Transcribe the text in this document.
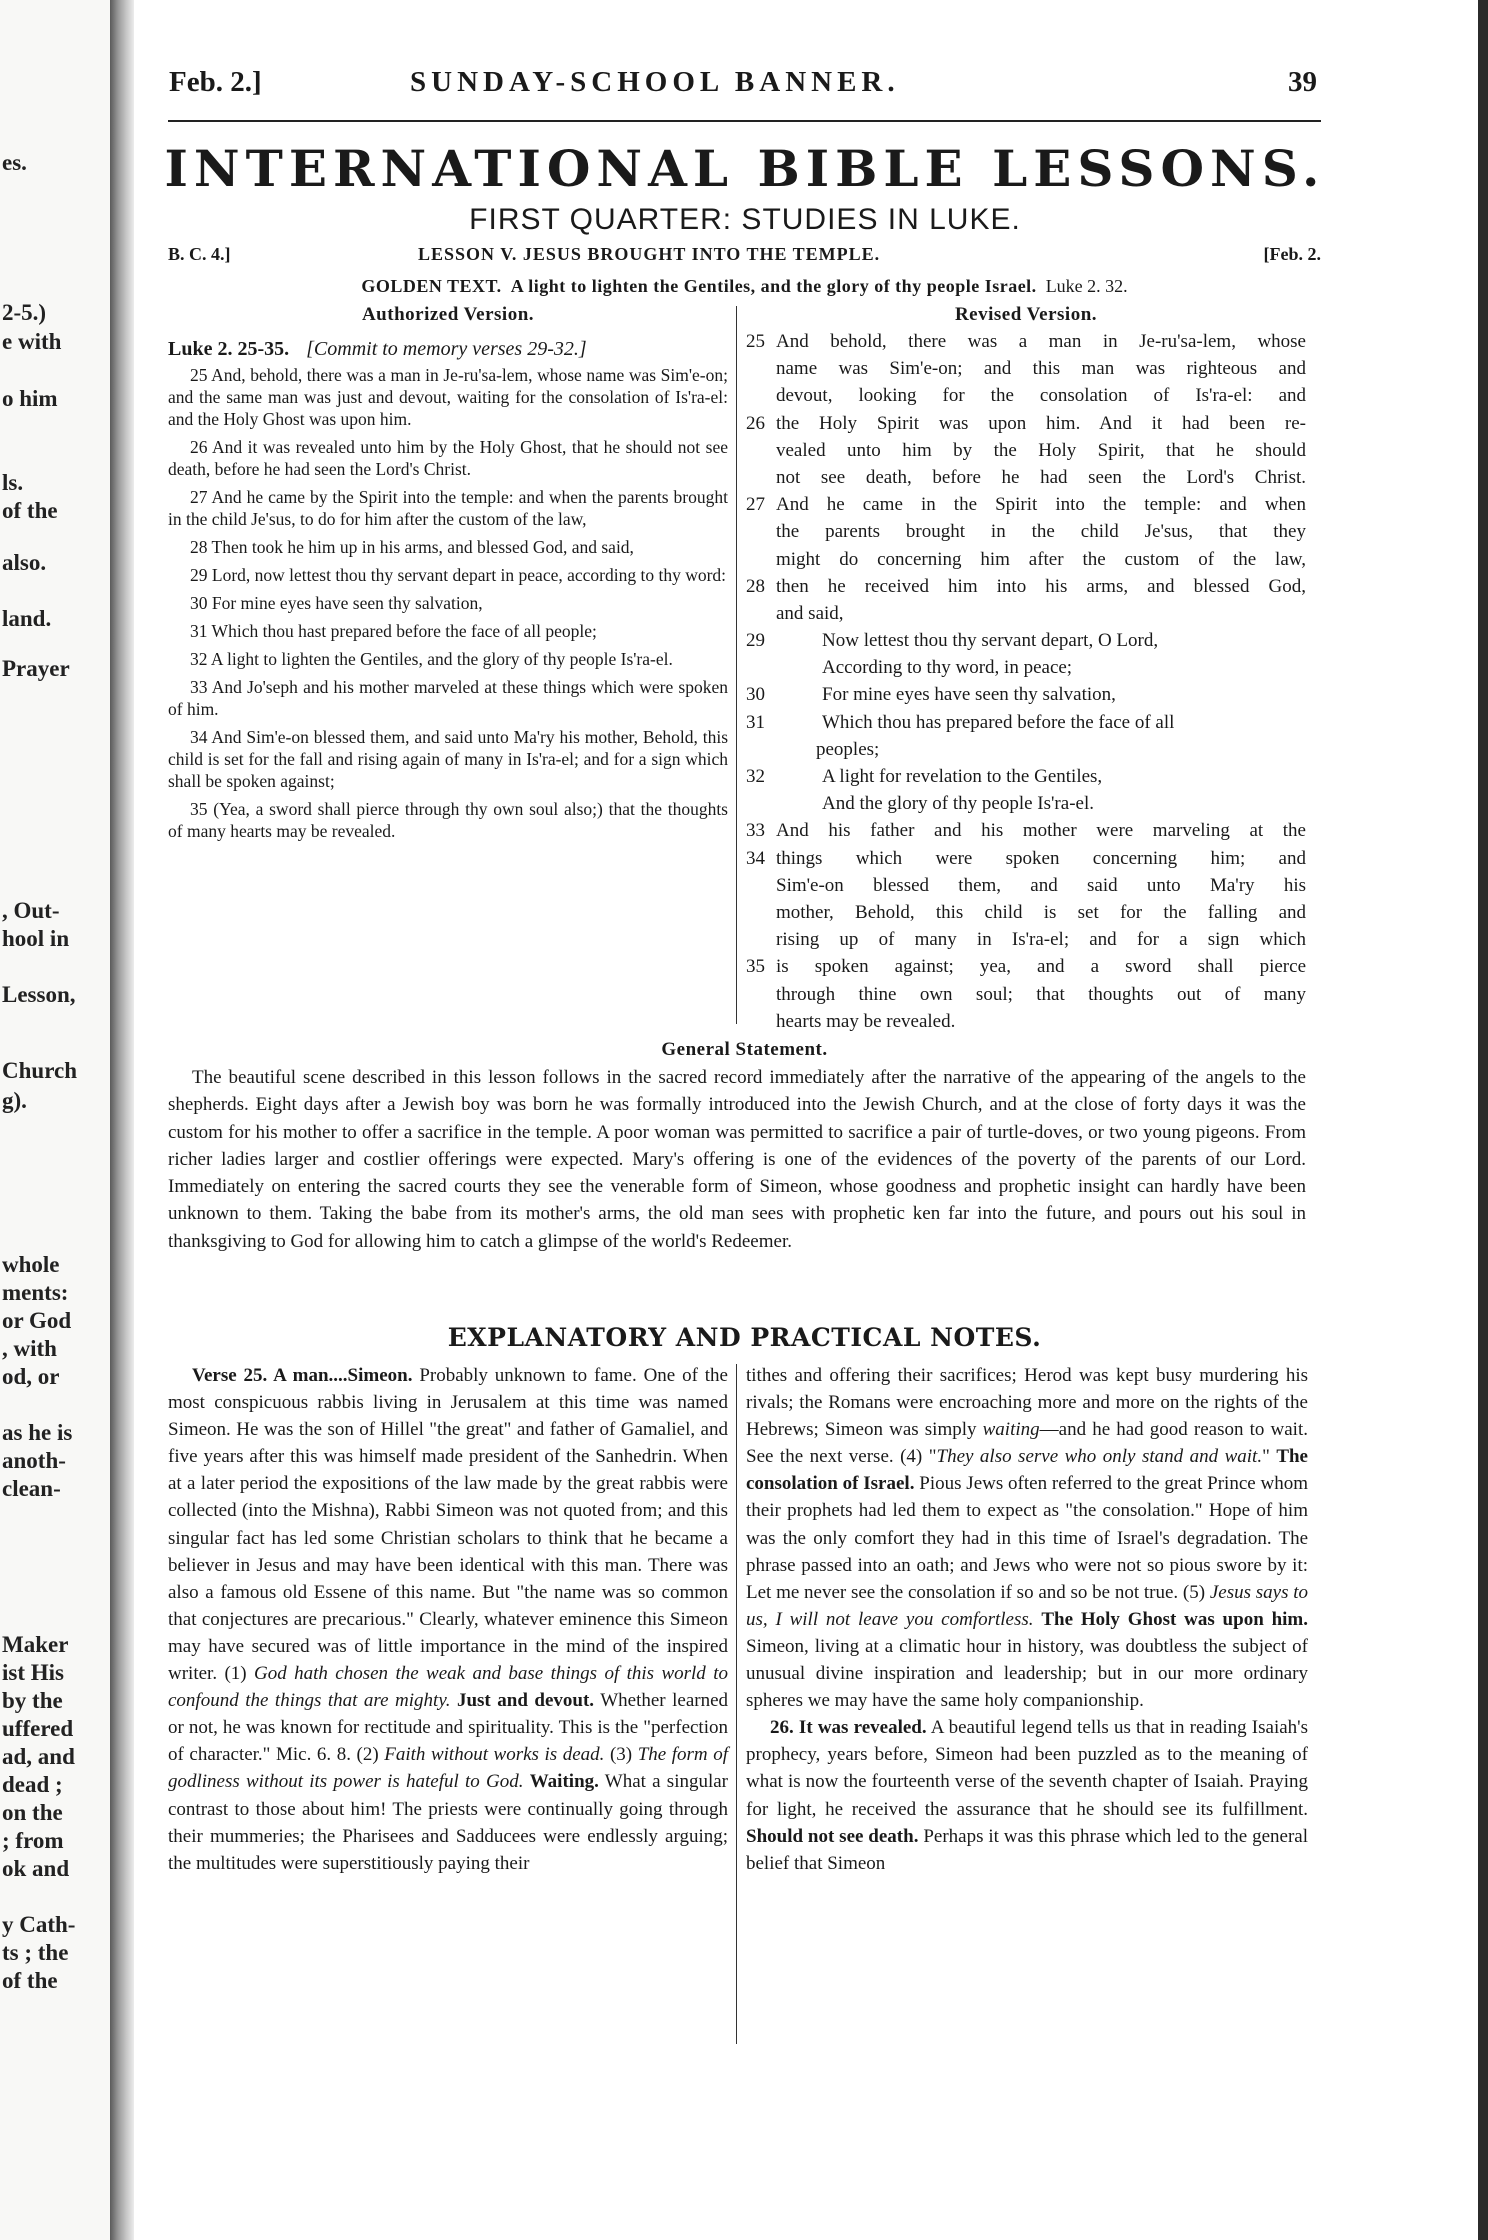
es.
2-5.)
e with
o him
ls.
of the
also.
land.
Prayer
, Out-
hool in
Lesson,
Church
g).
whole
ments:
or God
, with
od, or
as he is
anoth-
clean-
Maker
ist His
by the
uffered
ad, and
dead ;
on the
; from
ok and
y Cath-
ts ; the
of the
Feb. 2.]	SUNDAY-SCHOOL BANNER.	39
INTERNATIONAL BIBLE LESSONS.
FIRST QUARTER: STUDIES IN LUKE.
B. C. 4.]	LESSON V. JESUS BROUGHT INTO THE TEMPLE.	[Feb. 2.
GOLDEN TEXT. A light to lighten the Gentiles, and the glory of thy people Israel. Luke 2. 32.
Authorized Version.
Luke 2. 25-35. [Commit to memory verses 29-32.]

25 And, behold, there was a man in Je-ru'sa-lem, whose name was Sim'e-on; and the same man was just and devout, waiting for the consolation of Is'ra-el: and the Holy Ghost was upon him.

26 And it was revealed unto him by the Holy Ghost, that he should not see death, before he had seen the Lord's Christ.

27 And he came by the Spirit into the temple: and when the parents brought in the child Je'sus, to do for him after the custom of the law,

28 Then took he him up in his arms, and blessed God, and said,

29 Lord, now lettest thou thy servant depart in peace, according to thy word:

30 For mine eyes have seen thy salvation,

31 Which thou hast prepared before the face of all people;

32 A light to lighten the Gentiles, and the glory of thy people Is'ra-el.

33 And Jo'seph and his mother marveled at these things which were spoken of him.

34 And Sim'e-on blessed them, and said unto Ma'ry his mother, Behold, this child is set for the fall and rising again of many in Is'ra-el; and for a sign which shall be spoken against;

35 (Yea, a sword shall pierce through thy own soul also;) that the thoughts of many hearts may be revealed.

Revised Version.
25 And behold, there was a man in Je-ru'sa-lem, whose
name was Sim'e-on; and this man was righteous and
devout, looking for the consolation of Is'ra-el: and
26 the Holy Spirit was upon him. And it had been re-
vealed unto him by the Holy Spirit, that he should
not see death, before he had seen the Lord's Christ.
27 And he came in the Spirit into the temple: and when
the parents brought in the child Je'sus, that they
might do concerning him after the custom of the law,
28 then he received him into his arms, and blessed God,
and said,
29	Now lettest thou thy servant depart, O Lord,
According to thy word, in peace;
30	For mine eyes have seen thy salvation,
31	Which thou has prepared before the face of all
peoples;
32	A light for revelation to the Gentiles,
And the glory of thy people Is'ra-el.
33 And his father and his mother were marveling at the
34 things which were spoken concerning him; and
Sim'e-on blessed them, and said unto Ma'ry his
mother, Behold, this child is set for the falling and
rising up of many in Is'ra-el; and for a sign which
35 is spoken against; yea, and a sword shall pierce
through thine own soul; that thoughts out of many
hearts may be revealed.
General Statement.
The beautiful scene described in this lesson follows in the sacred record immediately after the narrative of the appearing of the angels to the shepherds. Eight days after a Jewish boy was born he was formally introduced into the Jewish Church, and at the close of forty days it was the custom for his mother to offer a sacrifice in the temple. A poor woman was permitted to sacrifice a pair of turtle-doves, or two young pigeons. From richer ladies larger and costlier offerings were expected. Mary's offering is one of the evidences of the poverty of the parents of our Lord. Immediately on entering the sacred courts they see the venerable form of Simeon, whose goodness and prophetic insight can hardly have been unknown to them. Taking the babe from its mother's arms, the old man sees with prophetic ken far into the future, and pours out his soul in thanksgiving to God for allowing him to catch a glimpse of the world's Redeemer.
EXPLANATORY AND PRACTICAL NOTES.

Verse 25. A man....Simeon. Probably unknown to fame. One of the most conspicuous rabbis living in Jerusalem at this time was named Simeon. He was the son of Hillel "the great" and father of Gamaliel, and five years after this was himself made president of the Sanhedrin. When at a later period the expositions of the law made by the great rabbis were collected (into the Mishna), Rabbi Simeon was not quoted from; and this singular fact has led some Christian scholars to think that he became a believer in Jesus and may have been identical with this man. There was also a famous old Essene of this name. But "the name was so common that conjectures are precarious." Clearly, whatever eminence this Simeon may have secured was of little importance in the mind of the inspired writer. (1) God hath chosen the weak and base things of this world to confound the things that are mighty. Just and devout. Whether learned or not, he was known for rectitude and spirituality. This is the "perfection of character." Mic. 6. 8. (2) Faith without works is dead. (3) The form of godliness without its power is hateful to God. Waiting. What a singular contrast to those about him! The priests were continually going through their mummeries; the Pharisees and Sadducees were endlessly arguing; the multitudes were superstitiously paying their

tithes and offering their sacrifices; Herod was kept busy murdering his rivals; the Romans were encroaching more and more on the rights of the Hebrews; Simeon was simply waiting—and he had good reason to wait. See the next verse. (4) "They also serve who only stand and wait." The consolation of Israel. Pious Jews often referred to the great Prince whom their prophets had led them to expect as "the consolation." Hope of him was the only comfort they had in this time of Israel's degradation. The phrase passed into an oath; and Jews who were not so pious swore by it: Let me never see the consolation if so and so be not true. (5) Jesus says to us, I will not leave you comfortless. The Holy Ghost was upon him. Simeon, living at a climatic hour in history, was doubtless the subject of unusual divine inspiration and leadership; but in our more ordinary spheres we may have the same holy companionship.

26. It was revealed. A beautiful legend tells us that in reading Isaiah's prophecy, years before, Simeon had been puzzled as to the meaning of what is now the fourteenth verse of the seventh chapter of Isaiah. Praying for light, he received the assurance that he should see its fulfillment. Should not see death. Perhaps it was this phrase which led to the general belief that Simeon
